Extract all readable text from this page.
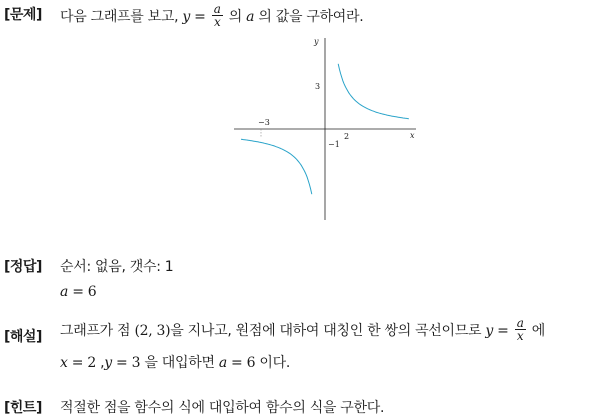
[문제] 다음 그래프를 보고, $y = \frac{a}{x}$ 의 a 의 값을 구하여라.
y
x
3
−3
2
−1
[정답] 순서: 없음, 갯수: 1
a = 6
[해설] 그래프가 점 (2, 3)을 지나고, 원점에 대하여 대칭인 한 쌍의 곡선이므로 $y = \frac{a}{x}$ 에
x = 2 ,y = 3 을 대입하면 a = 6 이다.
[힌트] 적절한 점을 함수의 식에 대입하여 함수의 식을 구한다.
